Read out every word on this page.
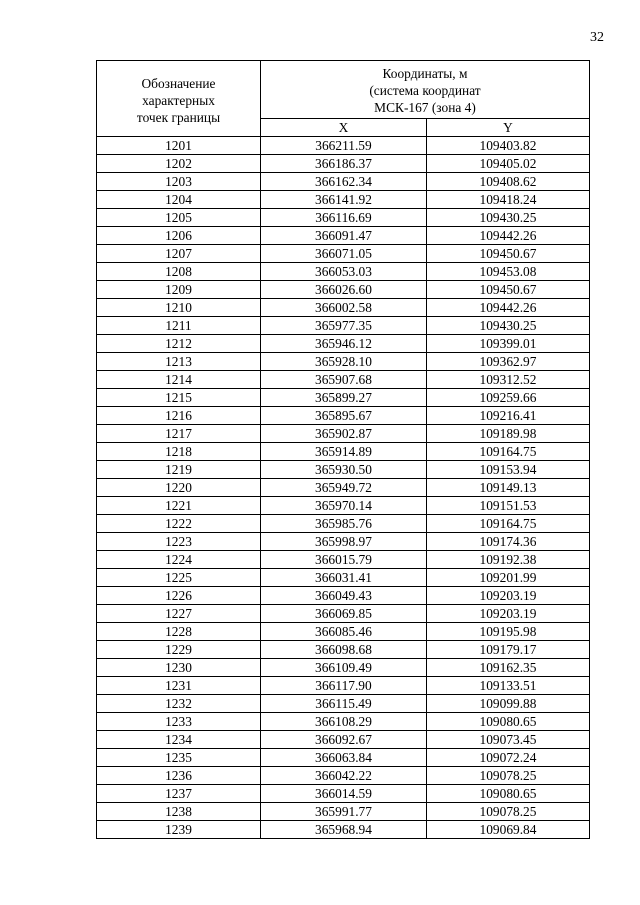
32
Обозначение
характерных
точек границы	Координаты, м
(система координат
МСК-167 (зона 4)	

	X	Y
1201	366211.59	109403.82
1202	366186.37	109405.02
1203	366162.34	109408.62
1204	366141.92	109418.24
1205	366116.69	109430.25
1206	366091.47	109442.26
1207	366071.05	109450.67
1208	366053.03	109453.08
1209	366026.60	109450.67
1210	366002.58	109442.26
1211	365977.35	109430.25
1212	365946.12	109399.01
1213	365928.10	109362.97
1214	365907.68	109312.52
1215	365899.27	109259.66
1216	365895.67	109216.41
1217	365902.87	109189.98
1218	365914.89	109164.75
1219	365930.50	109153.94
1220	365949.72	109149.13
1221	365970.14	109151.53
1222	365985.76	109164.75
1223	365998.97	109174.36
1224	366015.79	109192.38
1225	366031.41	109201.99
1226	366049.43	109203.19
1227	366069.85	109203.19
1228	366085.46	109195.98
1229	366098.68	109179.17
1230	366109.49	109162.35
1231	366117.90	109133.51
1232	366115.49	109099.88
1233	366108.29	109080.65
1234	366092.67	109073.45
1235	366063.84	109072.24
1236	366042.22	109078.25
1237	366014.59	109080.65
1238	365991.77	109078.25
1239	365968.94	109069.84
